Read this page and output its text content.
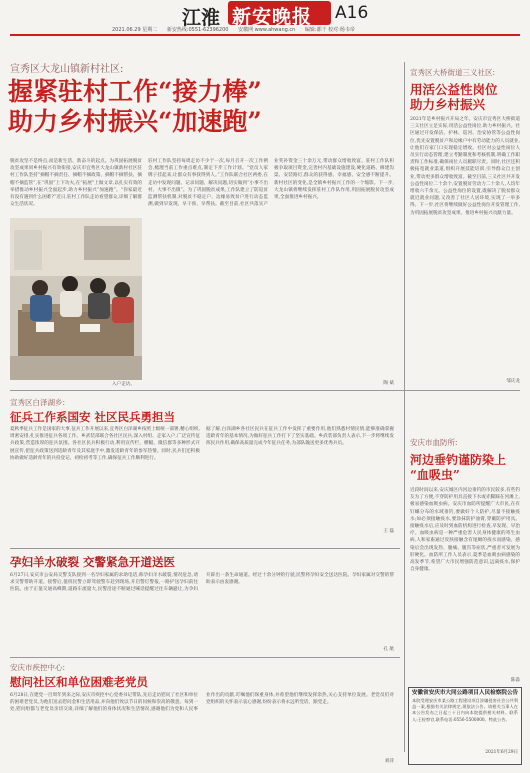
江淮 新安晚报 A16
2021.06.29 星期二 新安热线:0551-62396200 安徽网 www.ahwang.cn 编辑:都千 校对:杨韦帝
宣秀区大龙山镇新村社区:
握紧驻村工作“接力棒”
助力乡村振兴“加速跑”
脱贫攻坚不是终点,而是新生活、新奋斗的起点。为巩固拓展脱贫攻坚成果同乡村振兴有效衔接,安庆市宜秀区大龙山镇新村社区驻村工作队坚持“摘帽不摘责任、摘帽不摘政策、摘帽不摘帮扶、摘帽不摘监管”,在“巩固”上下功夫,在“拓展”上做文章,以扎实有效的举措推动乡村振兴全面起步,助力乡村振兴“加速跑”。“你家最近有没有遇到什么困难?”近日,驻村工作队走访看望群众,详细了解群众生活状况。
入户走访。
驻村工作队坚持每周走访不少于一次,每月召开一次工作例会,梳理当前工作重点难点,制定下步工作计划。“党员人家牌子挂起来,让群众有事找得到人。”工作队联合社区两委,在走访中发现问题、记录问题、解决问题,切实做到“小事不出村、大事不出镇”。为了巩固脱贫成果,工作队建立了防返贫监测帮扶机制,对脱贫不稳定户、边缘易致贫户进行动态监测,做到早发现、早干预、早帮扶。截至目前,社区共落实产业奖补资金三十余万元,带动群众增收致富。驻村工作队积极争取项目资金,完善村内基础设施建设,硬化道路、修建沟渠、安装路灯,群众的获得感、幸福感、安全感不断提升。新村社区的变化,是全镇乡村振兴工作的一个缩影。下一步,大龙山镇将继续发挥驻村工作队作用,巩固拓展脱贫攻坚成果,全面推进乡村振兴。
陶 斌
宣秀区大桥街道三义社区:
用活公益性岗位
助力乡村振兴
2021年是乡村振兴开局之年。安庆市宜秀区大桥街道三义社区立足实际,用活公益性岗位,助力乡村振兴。社区通过开发保洁、护林、巡河、治安协管等公益性岗位,优先安置脱贫户和边缘户中有劳动能力的人员就业,让他们在家门口实现稳定增收。社区对公益性岗位人员实行动态管理,建立考勤制度和考核机制,明确工作职责和工作标准,确保岗位人员履职尽责。同时,社区还积极拓宽就业渠道,组织开展技能培训,引导群众自主创业,带动更多群众增收致富。截至目前,三义社区共开发公益性岗位二十余个,安置脱贫劳动力二十余人,人均年增收六千余元。公益性岗位的设置,既解决了脱贫群众就近就业问题,又改善了社区人居环境,实现了一举多得。下一步,社区将继续做好公益性岗位开发管理工作,为巩固拓展脱贫攻坚成果、推进乡村振兴贡献力量。
邹庆龙
安庆市血防所:
河边垂钓谨防染上
“血吸虫”
近段时间以来,安庆城区内河边垂钓的市民较多,有些钓友为了方便,不穿防护用具直接下水或赤脚踩在河滩上,极易感染血吸虫病。安庆市血防所提醒广大市民,在有钉螺分布的水域垂钓,要做好个人防护,尽量不接触疫水;如必须接触疫水,要涂抹防护油膏,穿戴防护用具。接触疫水后,应及时到血防机构进行检查,早发现、早治疗。血吸虫病是一种严重危害人民身体健康的寄生虫病,人和家畜通过皮肤接触含有尾蚴的疫水而感染。感染后会出现发热、腹痛、腹泻等症状,严重者可发展为肝硬化。血防所工作人员表示,夏季是血吸虫病感染的高发季节,希望广大市民增强防范意识,远离疫水,保护自身健康。
陈淼
宣秀区白泽湖乡:
征兵工作系国安 社区民兵勇担当
夏秋季征兵工作是国家的大事,征兵工作开展以来,宜秀区白泽湖乡按照上级统一部署,精心组织,周密安排,扎实推进征兵各项工作。乡武装部联合各社区民兵,深入村组、走家入户,广泛宣传征兵政策,营造浓厚的征兵氛围。各社区民兵积极行动,利用宣传栏、横幅、微信群等多种形式开展宣传,把征兵政策送到适龄青年及其家庭手中,激发适龄青年的参军热情。同时,民兵们还积极协助做好适龄青年的兵役登记、初检初考等工作,确保征兵工作顺利进行。
据了解,白泽湖乡各社区民兵在征兵工作中发挥了重要作用,他们熟悉村情民情,能够准确掌握适龄青年的基本情况,为做好征兵工作打下了坚实基础。乡武装部负责人表示,下一步将继续发挥民兵作用,确保高质量完成今年征兵任务,为部队输送更多优秀兵员。
王 磊
孕妇羊水破裂 交警紧急开道送医
6月27日,安庆市公安局交警支队接到一名孕妇家属的求助电话,称孕妇羊水破裂,情况危急,请求交警帮助开道。接警后,值班民警立即驾驶警车赶到现场,开启警灯警报,一路护送孕妇前往医院。由于正值交通高峰期,道路车流量大,民警沿途不断通过喊话提醒过往车辆避让,为孕妇开辟出一条生命通道。经过十余分钟的行驶,民警将孕妇安全送达医院。孕妇家属对交警的帮助表示由衷感谢。
孔 航
安庆市疾控中心:
慰问社区和单位困难老党员
6月28日,在建党一百周年到来之际,安庆市疾控中心党委书记带队,先后走访慰问了社区和单位的困难老党员,为他们送去慰问金和生活用品,并向他们致以节日的问候和崇高的敬意。每到一处,慰问组都与老党员亲切交谈,详细了解他们的身体状况和生活情况,感谢他们为党和人民事业作出的贡献,叮嘱他们保重身体,并希望他们继续发挥余热,关心支持单位发展。老党员们对党组织的关怀表示衷心感谢,纷纷表示将永远听党话、跟党走。
刘萍
安徽省安庆市大同公路项目人民检察院公告
本院受理安庆市某公路工程建设项目涉嫌侵害社会公共利益一案,根据有关法律规定,现依法公告。请相关当事人在本公告发布之日起三十日内向本院提供相关材料。联系人:王检察官,联系电话:0556-5500000。特此公告。
2021年6月29日
